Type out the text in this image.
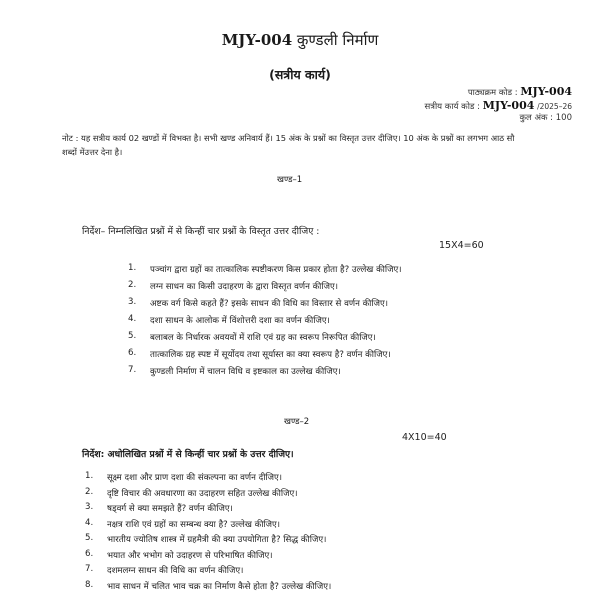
MJY-004 कुण्डली निर्माण
(सत्रीय कार्य)
पाठ्यक्रम कोड : MJY-004
सत्रीय कार्य कोड : MJY-004 /2025–26
कुल अंक : 100
नोट : यह सत्रीय कार्य 02 खण्डों में विभक्त है। सभी खण्ड अनिवार्य हैं। 15 अंक के प्रश्नों का विस्तृत उत्तर दीजिए। 10 अंक के प्रश्नों का लगभग आठ सौ शब्दों मेंउत्तर देना है।
खण्ड–1
निर्देश– निम्नलिखित प्रश्नों में से किन्हीं चार प्रश्नों के विस्तृत उत्तर दीजिए :
15X4=60
1. पञ्चांग द्वारा ग्रहों का तात्कालिक स्पष्टीकरण किस प्रकार होता है? उल्लेख कीजिए।
2. लग्न साधन का किसी उदाहरण के द्वारा विस्तृत वर्णन कीजिए।
3. अष्टक वर्ग किसे कहते हैं? इसके साधन की विधि का विस्तार से वर्णन कीजिए।
4. दशा साधन के आलोक में विंशोत्तरी दशा का वर्णन कीजिए।
5. बलाबल के निर्धारक अवयवों में राशि एवं ग्रह का स्वरूप निरूपित कीजिए।
6. तात्कालिक ग्रह स्पष्ट में सूर्योदय तथा सूर्यास्त का क्या स्वरूप है? वर्णन कीजिए।
7. कुण्डली निर्माण में चालन विधि व इष्टकाल का उल्लेख कीजिए।
खण्ड–2
4X10=40
निर्देश: अधोलिखित प्रश्नों में से किन्हीं चार प्रश्नों के उत्तर दीजिए।
1. सूक्ष्म दशा और प्राण दशा की संकल्पना का वर्णन दीजिए।
2. दृष्टि विचार की अवधारणा का उदाहरण सहित उल्लेख कीजिए।
3. षड्वर्ग से क्या समझते हैं? वर्णन कीजिए।
4. नक्षत्र राशि एवं ग्रहों का सम्बन्ध क्या है? उल्लेख कीजिए।
5. भारतीय ज्योतिष शास्त्र में ग्रहमैत्री की क्या उपयोगिता है? सिद्ध कीजिए।
6. भयात और भभोग को उदाहरण से परिभाषित कीजिए।
7. दशमलग्न साधन की विधि का वर्णन कीजिए।
8. भाव साधन में चलित भाव चक्र का निर्माण कैसे होता है? उल्लेख कीजिए।
